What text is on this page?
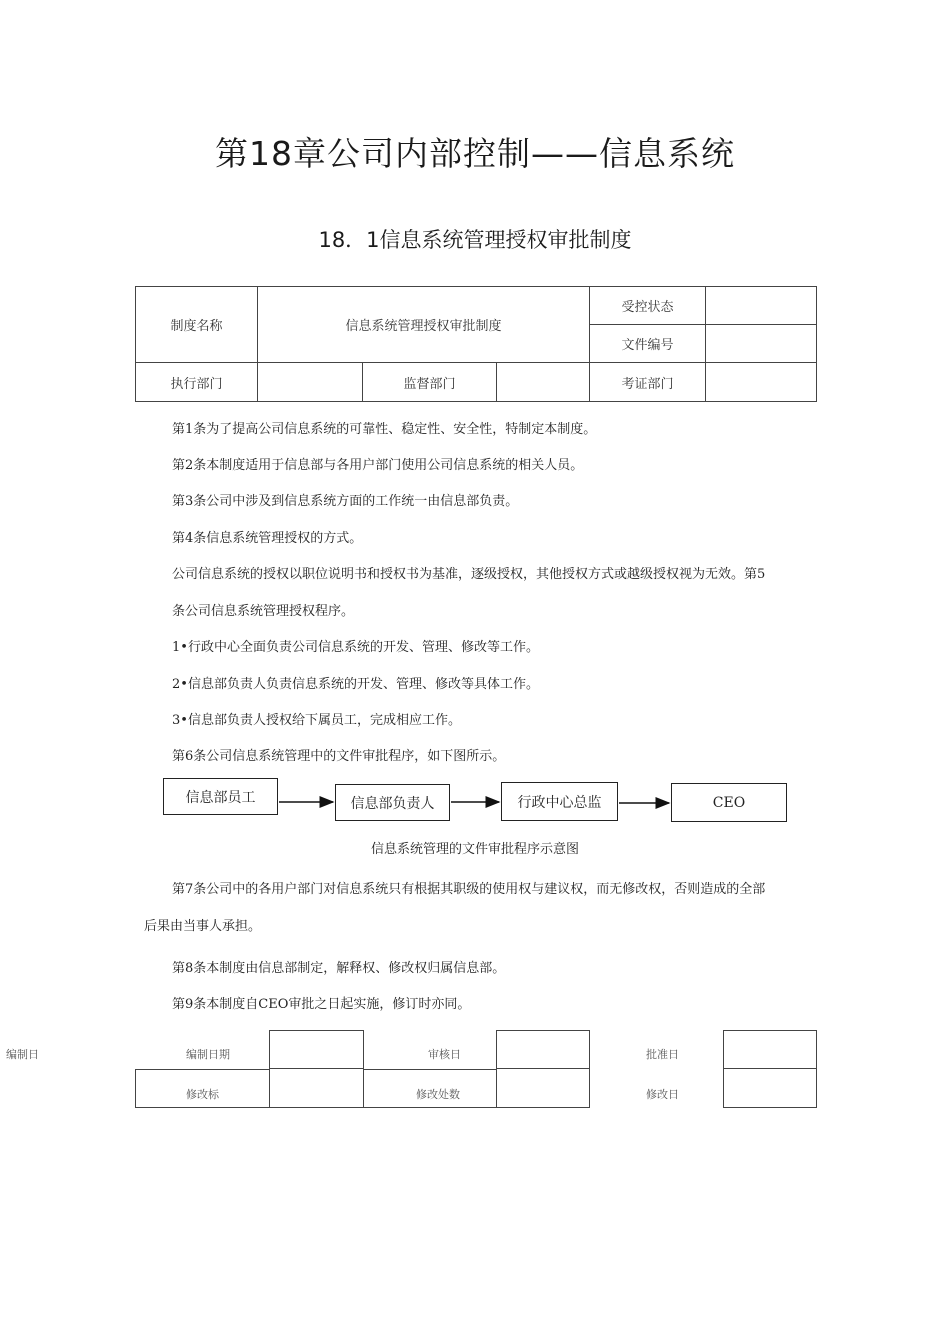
第18章公司内部控制——信息系统
18．1信息系统管理授权审批制度
制度名称	信息系统管理授权审批制度
受控状态
文件编号
执行部门	监督部门	考证部门
第1条为了提高公司信息系统的可靠性、稳定性、安全性，特制定本制度。
第2条本制度适用于信息部与各用户部门使用公司信息系统的相关人员。
第3条公司中涉及到信息系统方面的工作统一由信息部负责。
第4条信息系统管理授权的方式。
公司信息系统的授权以职位说明书和授权书为基准，逐级授权，其他授权方式或越级授权视为无效。第5
条公司信息系统管理授权程序。
1•行政中心全面负责公司信息系统的开发、管理、修改等工作。
2•信息部负责人负责信息系统的开发、管理、修改等具体工作。
3•信息部负责人授权给下属员工，完成相应工作。
第6条公司信息系统管理中的文件审批程序，如下图所示。
信息部员工	信息部负责人	行政中心总监	CEO
信息系统管理的文件审批程序示意图
第7条公司中的各用户部门对信息系统只有根据其职级的使用权与建议权，而无修改权，否则造成的全部
后果由当事人承担。
第8条本制度由信息部制定，解释权、修改权归属信息部。
第9条本制度自CEO审批之日起实施，修订时亦同。
编制日	编制日期	审核日	批准日
修改标	修改处数	修改日
